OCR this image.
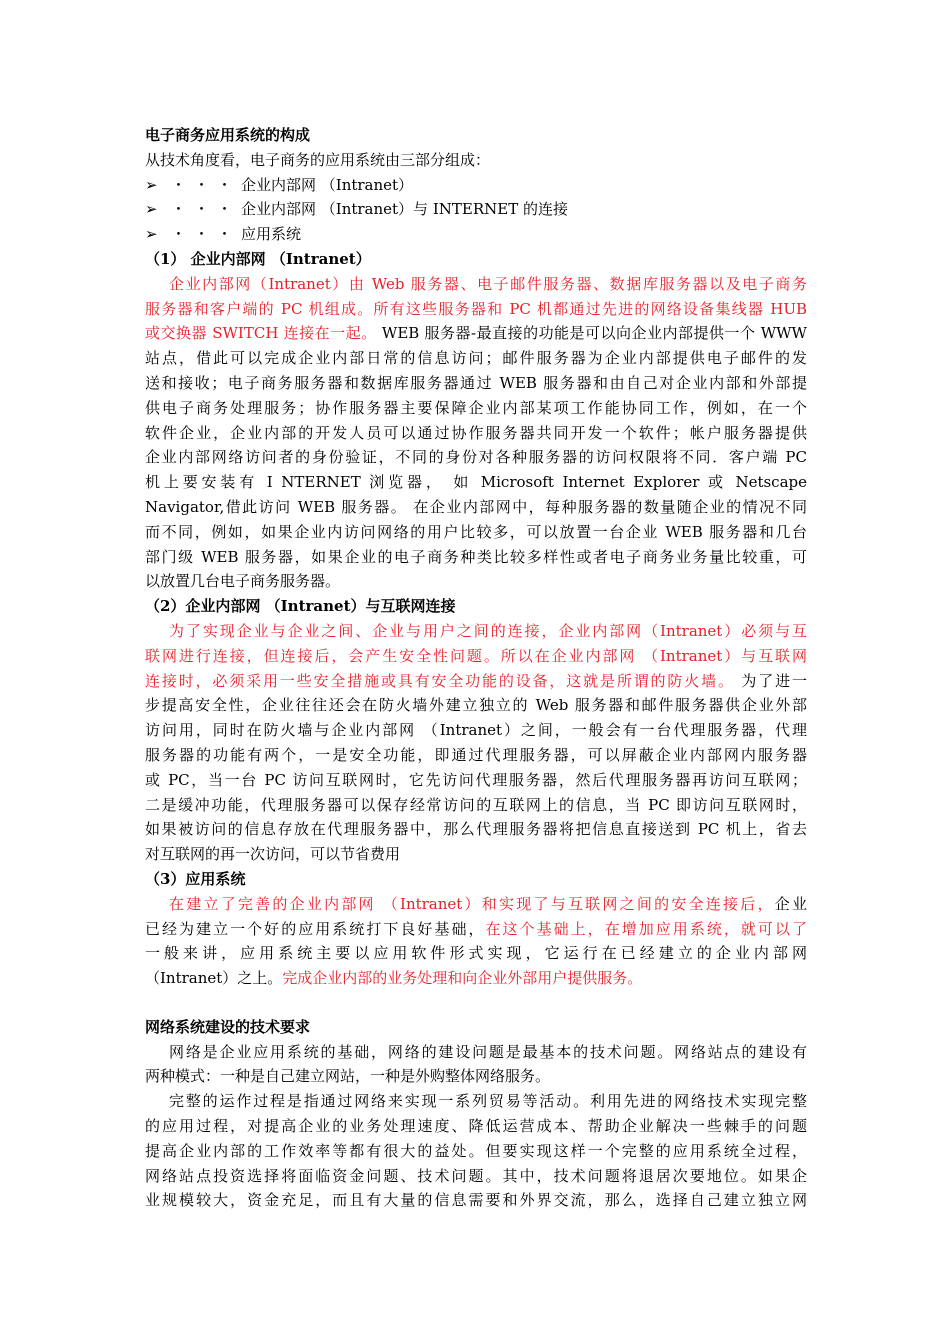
电子商务应用系统的构成
从技术角度看，电子商务的应用系统由三部分组成：
➢ ・・・企业内部网 （Intranet）
➢ ・・・企业内部网 （Intranet）与 INTERNET 的连接
➢ ・・・应用系统
（1） 企业内部网 （Intranet）
企业内部网（Intranet）由 Web 服务器、电子邮件服务器、数据库服务器以及电子商务
服务器和客户端的 PC 机组成。所有这些服务器和 PC 机都通过先进的网络设备集线器 HUB
或交换器 SWITCH 连接在一起。 WEB 服务器-最直接的功能是可以向企业内部提供一个 WWW
站点，借此可以完成企业内部日常的信息访问；邮件服务器为企业内部提供电子邮件的发
送和接收；电子商务服务器和数据库服务器通过 WEB 服务器和由自己对企业内部和外部提
供电子商务处理服务；协作服务器主要保障企业内部某项工作能协同工作，例如，在一个
软件企业，企业内部的开发人员可以通过协作服务器共同开发一个软件；帐户服务器提供
企业内部网络访问者的身份验证，不同的身份对各种服务器的访问权限将不同．客户端 PC
机上要安装有 I NTERNET 浏览器， 如 Microsoft Internet Explorer 或 Netscape
Navigator,借此访问 WEB 服务器。 在企业内部网中，每种服务器的数量随企业的情况不同
而不同，例如，如果企业内访问网络的用户比较多，可以放置一台企业 WEB 服务器和几台
部门级 WEB 服务器，如果企业的电子商务种类比较多样性或者电子商务业务量比较重，可
以放置几台电子商务服务器。
（2）企业内部网 （Intranet）与互联网连接
为了实现企业与企业之间、企业与用户之间的连接，企业内部网（Intranet）必须与互
联网进行连接，但连接后，会产生安全性问题。所以在企业内部网 （Intranet）与互联网
连接时，必须采用一些安全措施或具有安全功能的设备，这就是所谓的防火墙。 为了进一
步提高安全性，企业往往还会在防火墙外建立独立的 Web 服务器和邮件服务器供企业外部
访问用，同时在防火墙与企业内部网 （Intranet）之间，一般会有一台代理服务器，代理
服务器的功能有两个，一是安全功能，即通过代理服务器，可以屏蔽企业内部网内服务器
或 PC，当一台 PC 访问互联网时，它先访问代理服务器，然后代理服务器再访问互联网；
二是缓冲功能，代理服务器可以保存经常访问的互联网上的信息，当 PC 即访问互联网时，
如果被访问的信息存放在代理服务器中，那么代理服务器将把信息直接送到 PC 机上，省去
对互联网的再一次访问，可以节省费用
（3）应用系统
在建立了完善的企业内部网 （Intranet）和实现了与互联网之间的安全连接后，企业
已经为建立一个好的应用系统打下良好基础，在这个基础上，在增加应用系统，就可以了
一般来讲，应用系统主要以应用软件形式实现，它运行在已经建立的企业内部网
（Intranet）之上。完成企业内部的业务处理和向企业外部用户提供服务。
网络系统建设的技术要求
网络是企业应用系统的基础，网络的建设问题是最基本的技术问题。网络站点的建设有
两种模式：一种是自己建立网站，一种是外购整体网络服务。
完整的运作过程是指通过网络来实现一系列贸易等活动。利用先进的网络技术实现完整
的应用过程，对提高企业的业务处理速度、降低运营成本、帮助企业解决一些棘手的问题
提高企业内部的工作效率等都有很大的益处。但要实现这样一个完整的应用系统全过程，
网络站点投资选择将面临资金问题、技术问题。其中，技术问题将退居次要地位。如果企
业规模较大，资金充足，而且有大量的信息需要和外界交流，那么，选择自己建立独立网
